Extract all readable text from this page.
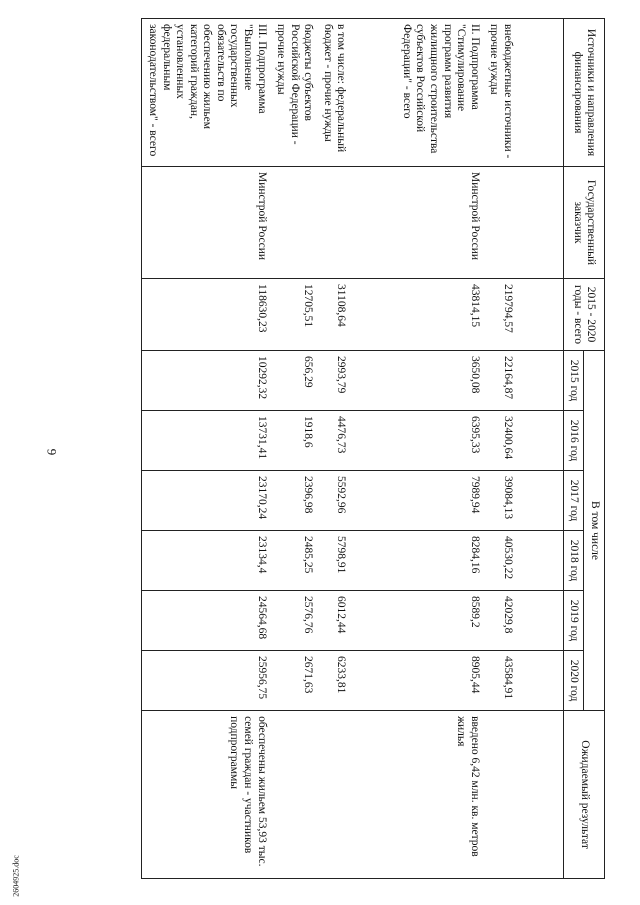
6
2604925.doc
Источники и направления финансирования	Государственный заказчик	2015 - 2020 годы - всего	В том числе						Ожидаемый результат
			2015 год	2016 год	2017 год	2018 год	2019 год	2020 год	

внебюджетные источники - прочие нужды		219794,57	22164,87	32400,64	39084,13	40530,22	42029,8	43584,91	
II. Подпрограмма "Стимулирование программ развития жилищного строительства субъектов Российской Федерации" - всего	Минстрой России	43814,15	3650,08	6395,33	7989,94	8284,16	8589,2	8905,44	введено 6,42 млн. кв. метров жилья

в том числе: федеральный бюджет - прочие нужды		31108,64	2993,79	4476,73	5592,96	5798,91	6012,44	6233,81	
бюджеты субъектов Российской Федерации - прочие нужды		12705,51	656,29	1918,6	2396,98	2485,25	2576,76	2671,63	
III. Подпрограмма "Выполнение государственных обязательств по обеспечению жильем категорий граждан, установленных федеральным законодательством" - всего	Минстрой России	118630,23	10292,32	13731,41	23170,24	23134,4	24564,68	25956,75	обеспечены жильем 53,93 тыс. семей граждан - участников подпрограммы
